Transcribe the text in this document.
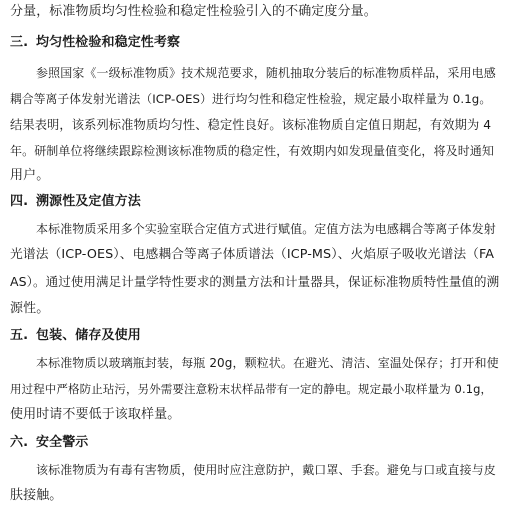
分量，标准物质均匀性检验和稳定性检验引入的不确定度分量。
三. 均匀性检验和稳定性考察
参照国家《一级标准物质》技术规范要求，随机抽取分装后的标准物质样品，采用电感
耦合等离子体发射光谱法（ICP-OES）进行均匀性和稳定性检验，规定最小取样量为 0.1g。
结果表明，该系列标准物质均匀性、稳定性良好。该标准物质自定值日期起，有效期为 4
年。研制单位将继续跟踪检测该标准物质的稳定性，有效期内如发现量值变化，将及时通知
用户。
四. 溯源性及定值方法
本标准物质采用多个实验室联合定值方式进行赋值。定值方法为电感耦合等离子体发射
光谱法（ICP-OES）、电感耦合等离子体质谱法（ICP-MS）、火焰原子吸收光谱法（FA
AS）。通过使用满足计量学特性要求的测量方法和计量器具，保证标准物质特性量值的溯
源性。
五. 包装、储存及使用
本标准物质以玻璃瓶封装，每瓶 20g，颗粒状。在避光、清洁、室温处保存；打开和使
用过程中严格防止玷污，另外需要注意粉末状样品带有一定的静电。规定最小取样量为 0.1g，
使用时请不要低于该取样量。
六. 安全警示
该标准物质为有毒有害物质，使用时应注意防护，戴口罩、手套。避免与口或直接与皮
肤接触。
